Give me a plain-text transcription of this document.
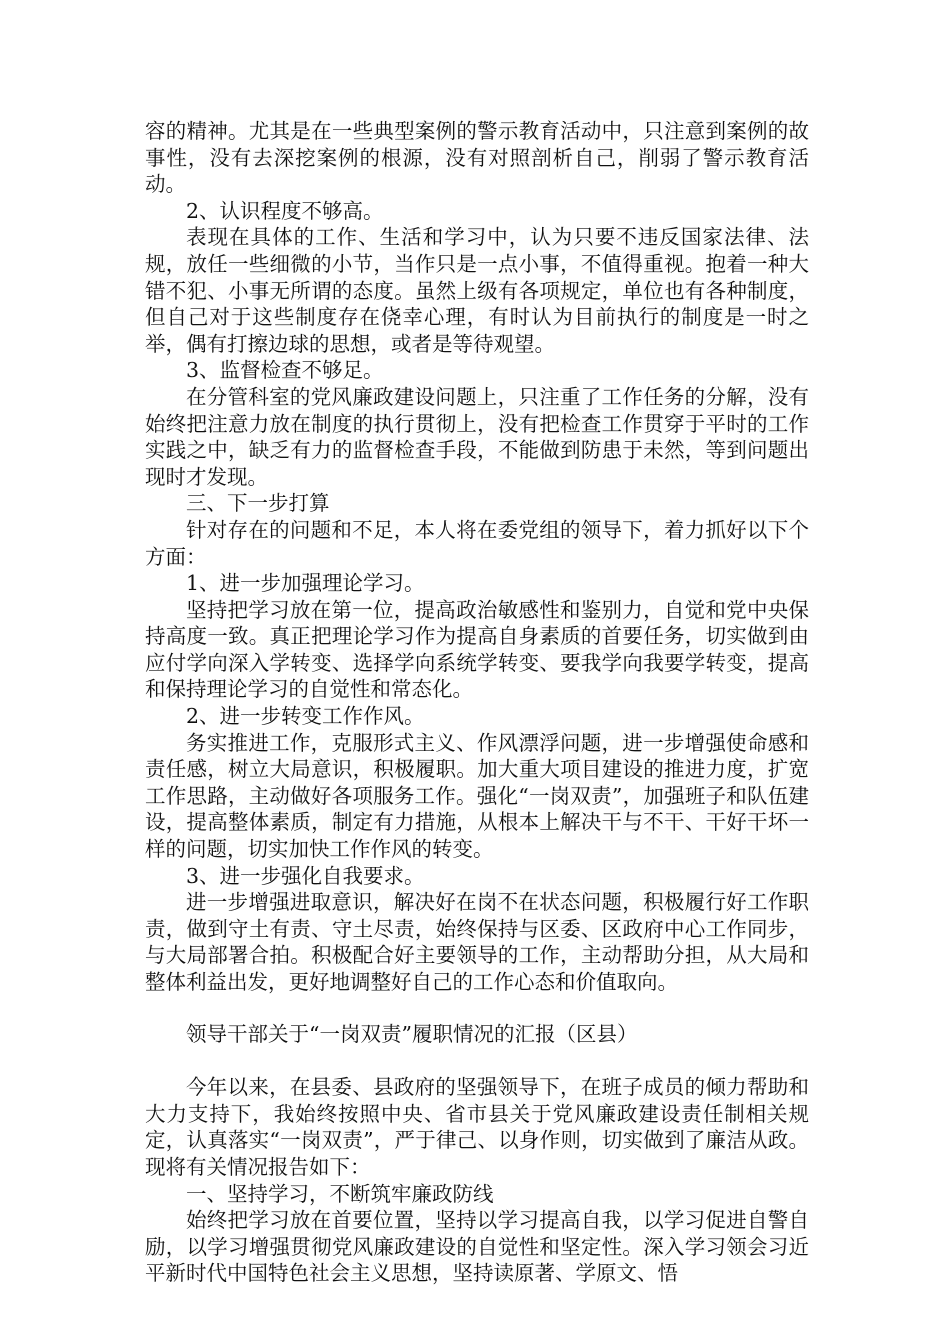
容的精神。尤其是在一些典型案例的警示教育活动中，只注意到案例的故事性，没有去深挖案例的根源，没有对照剖析自己，削弱了警示教育活动。

2、认识程度不够高。

表现在具体的工作、生活和学习中，认为只要不违反国家法律、法规，放任一些细微的小节，当作只是一点小事，不值得重视。抱着一种大错不犯、小事无所谓的态度。虽然上级有各项规定，单位也有各种制度，但自己对于这些制度存在侥幸心理，有时认为目前执行的制度是一时之举，偶有打擦边球的思想，或者是等待观望。

3、监督检查不够足。

在分管科室的党风廉政建设问题上，只注重了工作任务的分解，没有始终把注意力放在制度的执行贯彻上，没有把检查工作贯穿于平时的工作实践之中，缺乏有力的监督检查手段，不能做到防患于未然，等到问题出现时才发现。

三、下一步打算

针对存在的问题和不足，本人将在委党组的领导下，着力抓好以下个方面：

1、进一步加强理论学习。

坚持把学习放在第一位，提高政治敏感性和鉴别力，自觉和党中央保持高度一致。真正把理论学习作为提高自身素质的首要任务，切实做到由应付学向深入学转变、选择学向系统学转变、要我学向我要学转变，提高和保持理论学习的自觉性和常态化。

2、进一步转变工作作风。

务实推进工作，克服形式主义、作风漂浮问题，进一步增强使命感和责任感，树立大局意识，积极履职。加大重大项目建设的推进力度，扩宽工作思路，主动做好各项服务工作。强化“一岗双责”，加强班子和队伍建设，提高整体素质，制定有力措施，从根本上解决干与不干、干好干坏一样的问题，切实加快工作作风的转变。

3、进一步强化自我要求。

进一步增强进取意识，解决好在岗不在状态问题，积极履行好工作职责，做到守土有责、守土尽责，始终保持与区委、区政府中心工作同步，与大局部署合拍。积极配合好主要领导的工作，主动帮助分担，从大局和整体利益出发，更好地调整好自己的工作心态和价值取向。

领导干部关于“一岗双责”履职情况的汇报（区县）

今年以来，在县委、县政府的坚强领导下，在班子成员的倾力帮助和大力支持下，我始终按照中央、省市县关于党风廉政建设责任制相关规定，认真落实“一岗双责”，严于律己、以身作则，切实做到了廉洁从政。现将有关情况报告如下：

一、坚持学习，不断筑牢廉政防线

始终把学习放在首要位置，坚持以学习提高自我，以学习促进自警自励，以学习增强贯彻党风廉政建设的自觉性和坚定性。深入学习领会习近平新时代中国特色社会主义思想，坚持读原著、学原文、悟
